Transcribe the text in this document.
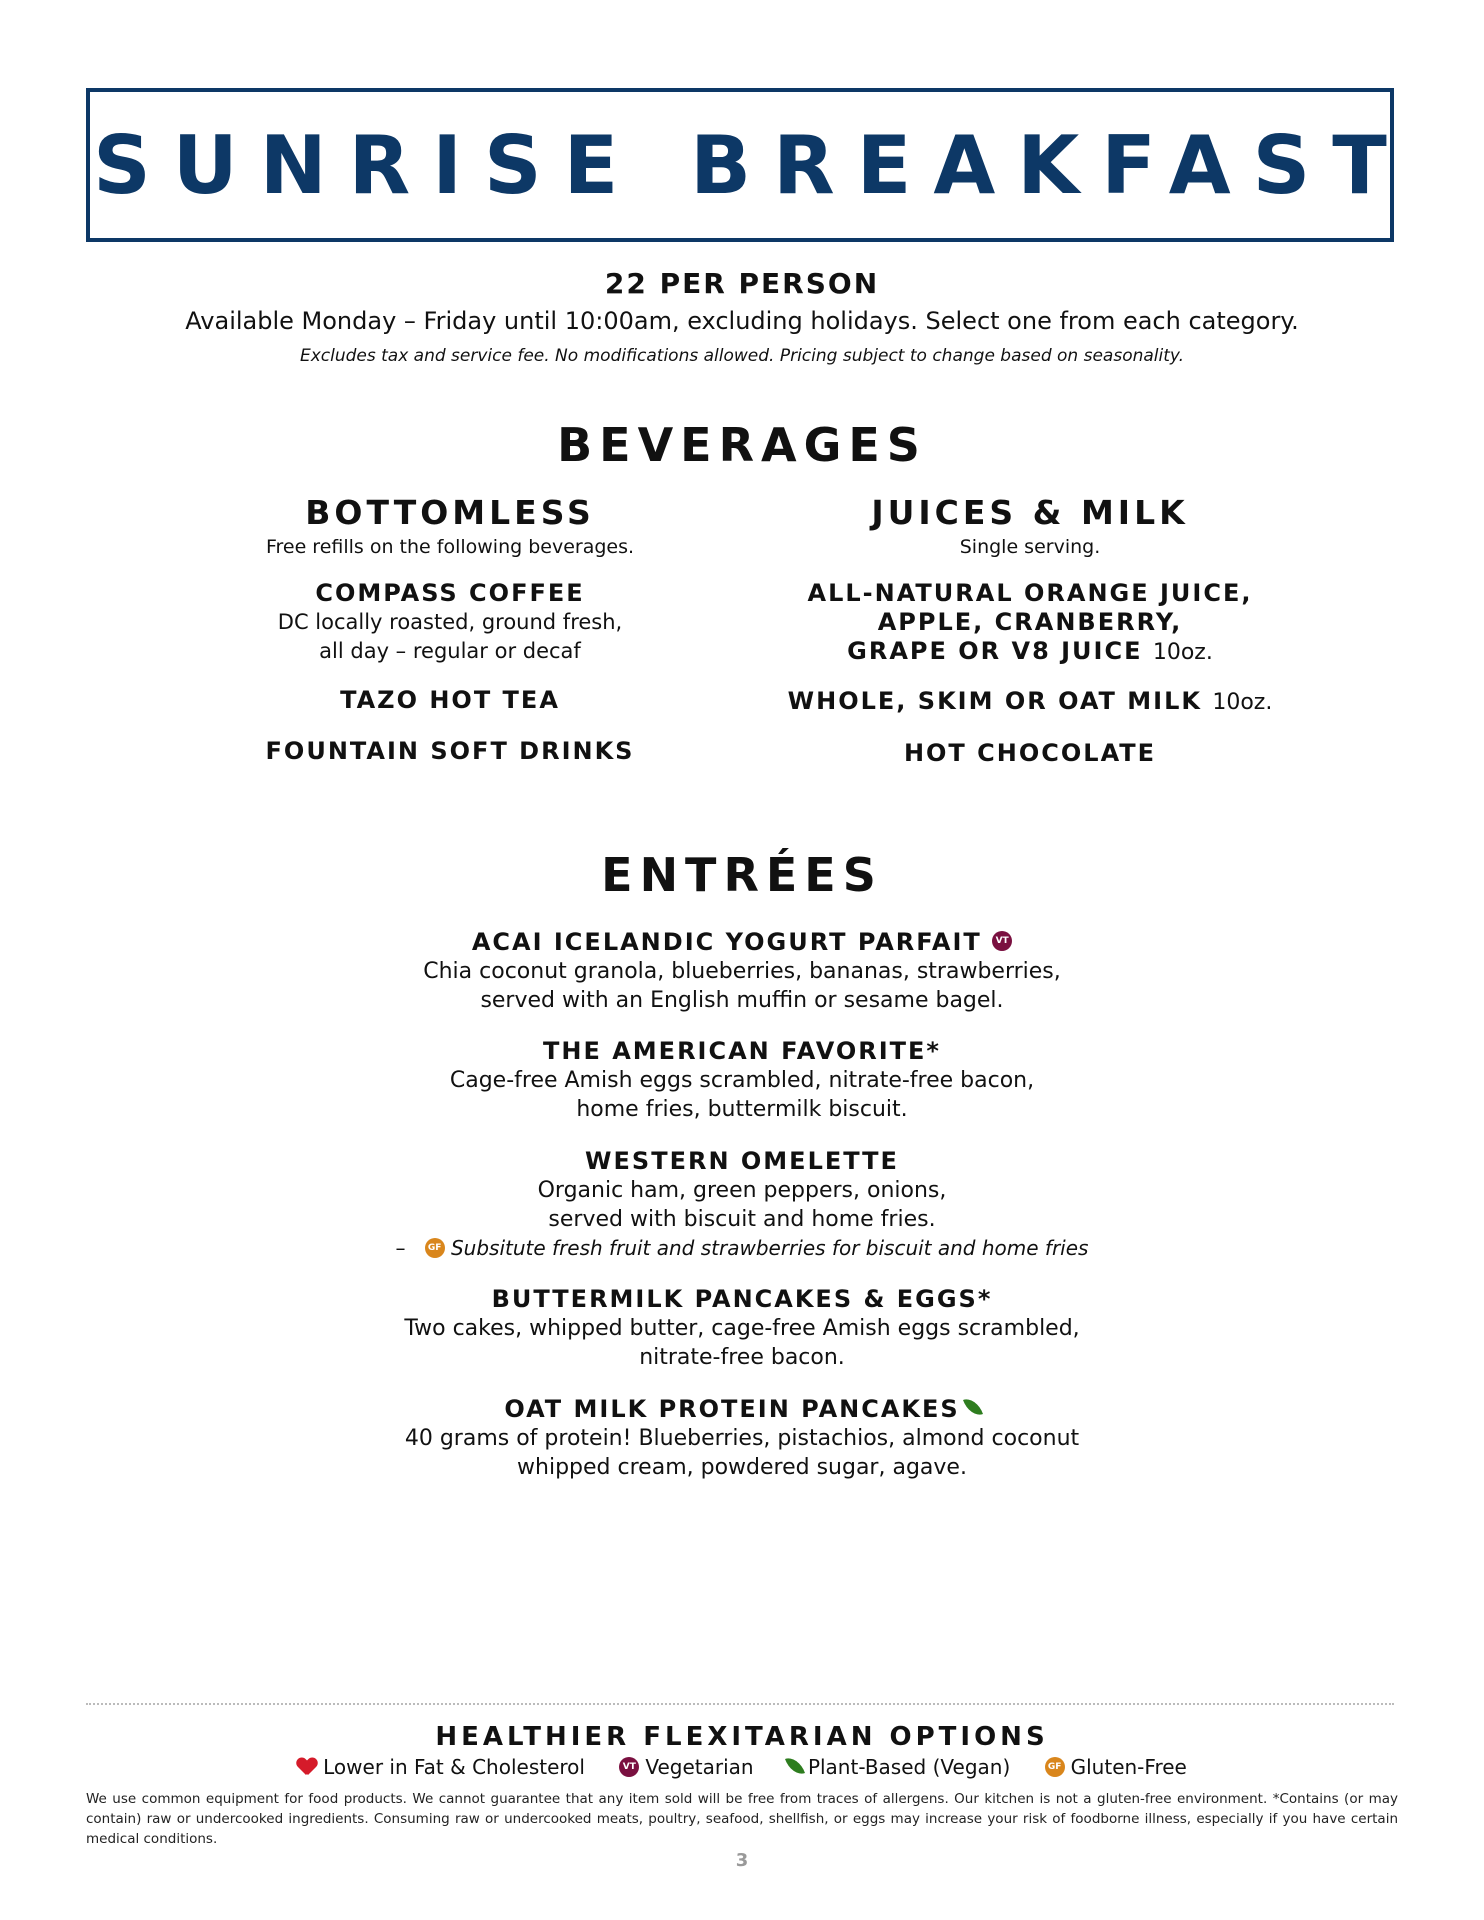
SUNRISE BREAKFAST
22 PER PERSON
Available Monday – Friday until 10:00am, excluding holidays. Select one from each category.
Excludes tax and service fee. No modifications allowed. Pricing subject to change based on seasonality.
BEVERAGES
BOTTOMLESS
Free refills on the following beverages.
COMPASS COFFEE
DC locally roasted, ground fresh,
all day – regular or decaf
TAZO HOT TEA
FOUNTAIN SOFT DRINKS
JUICES & MILK
Single serving.
ALL-NATURAL ORANGE JUICE,
APPLE, CRANBERRY,
GRAPE OR V8 JUICE 10oz.
WHOLE, SKIM OR OAT MILK 10oz.
HOT CHOCOLATE
ENTRÉES
ACAI ICELANDIC YOGURT PARFAIT VT
Chia coconut granola, blueberries, bananas, strawberries,
served with an English muffin or sesame bagel.
THE AMERICAN FAVORITE*
Cage-free Amish eggs scrambled, nitrate-free bacon,
home fries, buttermilk biscuit.
WESTERN OMELETTE
Organic ham, green peppers, onions,
served with biscuit and home fries.
– GF Subsitute fresh fruit and strawberries for biscuit and home fries
BUTTERMILK PANCAKES & EGGS*
Two cakes, whipped butter, cage-free Amish eggs scrambled,
nitrate-free bacon.
OAT MILK PROTEIN PANCAKES
40 grams of protein! Blueberries, pistachios, almond coconut
whipped cream, powdered sugar, agave.
HEALTHIER FLEXITARIAN OPTIONS
Lower in Fat & Cholesterol	VT Vegetarian	Plant-Based (Vegan)	GF Gluten-Free
We use common equipment for food products. We cannot guarantee that any item sold will be free from traces of allergens. Our kitchen is not a gluten-free environment. *Contains (or may contain) raw or undercooked ingredients. Consuming raw or undercooked meats, poultry, seafood, shellfish, or eggs may increase your risk of foodborne illness, especially if you have certain medical conditions.
3
